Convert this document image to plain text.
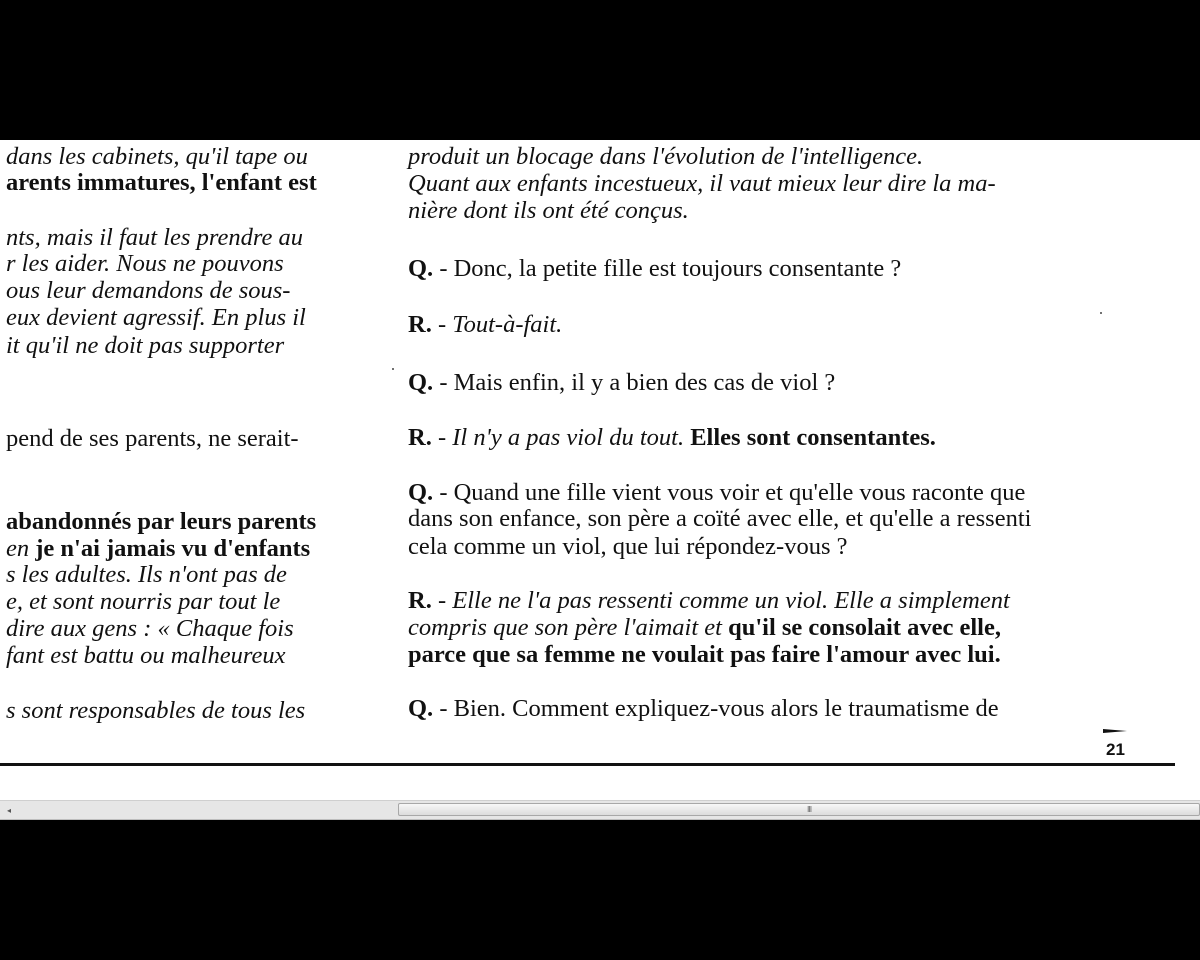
dans les cabinets, qu'il tape ou
arents immatures, l'enfant est
nts, mais il faut les prendre au
r les aider. Nous ne pouvons
ous leur demandons de sous-
eux devient agressif. En plus il
it qu'il ne doit pas supporter
pend de ses parents, ne serait-
abandonnés par leurs parents
en je n'ai jamais vu d'enfants
s les adultes. Ils n'ont pas de
e, et sont nourris par tout le
dire aux gens : « Chaque fois
fant est battu ou malheureux
s sont responsables de tous les
produit un blocage dans l'évolution de l'intelligence.
Quant aux enfants incestueux, il vaut mieux leur dire la ma-
nière dont ils ont été conçus.
Q. - Donc, la petite fille est toujours consentante ?
R. - Tout-à-fait.
Q. - Mais enfin, il y a bien des cas de viol ?
R. - Il n'y a pas viol du tout. Elles sont consentantes.
Q. - Quand une fille vient vous voir et qu'elle vous raconte que
dans son enfance, son père a coïté avec elle, et qu'elle a ressenti
cela comme un viol, que lui répondez-vous ?
R. - Elle ne l'a pas ressenti comme un viol. Elle a simplement
compris que son père l'aimait et qu'il se consolait avec elle,
parce que sa femme ne voulait pas faire l'amour avec lui.
Q. - Bien. Comment expliquez-vous alors le traumatisme de
21
◂	III
